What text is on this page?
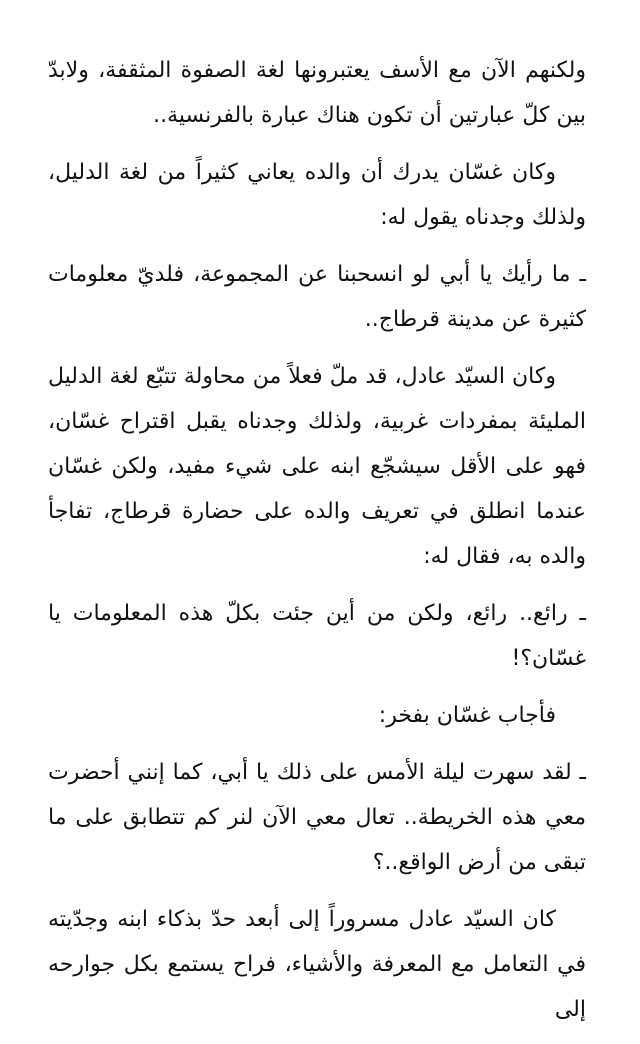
ولكنهم الآن مع الأسف يعتبرونها لغة الصفوة المثقفة، ولابدّ بين كلّ عبارتين أن تكون هناك عبارة بالفرنسية..

وكان غسّان يدرك أن والده يعاني كثيراً من لغة الدليل، ولذلك وجدناه يقول له:

ـ ما رأيك يا أبي لو انسحبنا عن المجموعة، فلديّ معلومات كثيرة عن مدينة قرطاج..

وكان السيّد عادل، قد ملّ فعلاً من محاولة تتبّع لغة الدليل المليئة بمفردات غربية، ولذلك وجدناه يقبل اقتراح غسّان، فهو على الأقل سيشجّع ابنه على شيء مفيد، ولكن غسّان عندما انطلق في تعريف والده على حضارة قرطاج، تفاجأ والده به، فقال له:

ـ رائع.. رائع، ولكن من أين جئت بكلّ هذه المعلومات يا غسّان؟!

فأجاب غسّان بفخر:

ـ لقد سهرت ليلة الأمس على ذلك يا أبي، كما إنني أحضرت معي هذه الخريطة.. تعال معي الآن لنر كم تتطابق على ما تبقى من أرض الواقع..؟

كان السيّد عادل مسروراً إلى أبعد حدّ بذكاء ابنه وجدّيته في التعامل مع المعرفة والأشياء، فراح يستمع بكل جوارحه إلى
